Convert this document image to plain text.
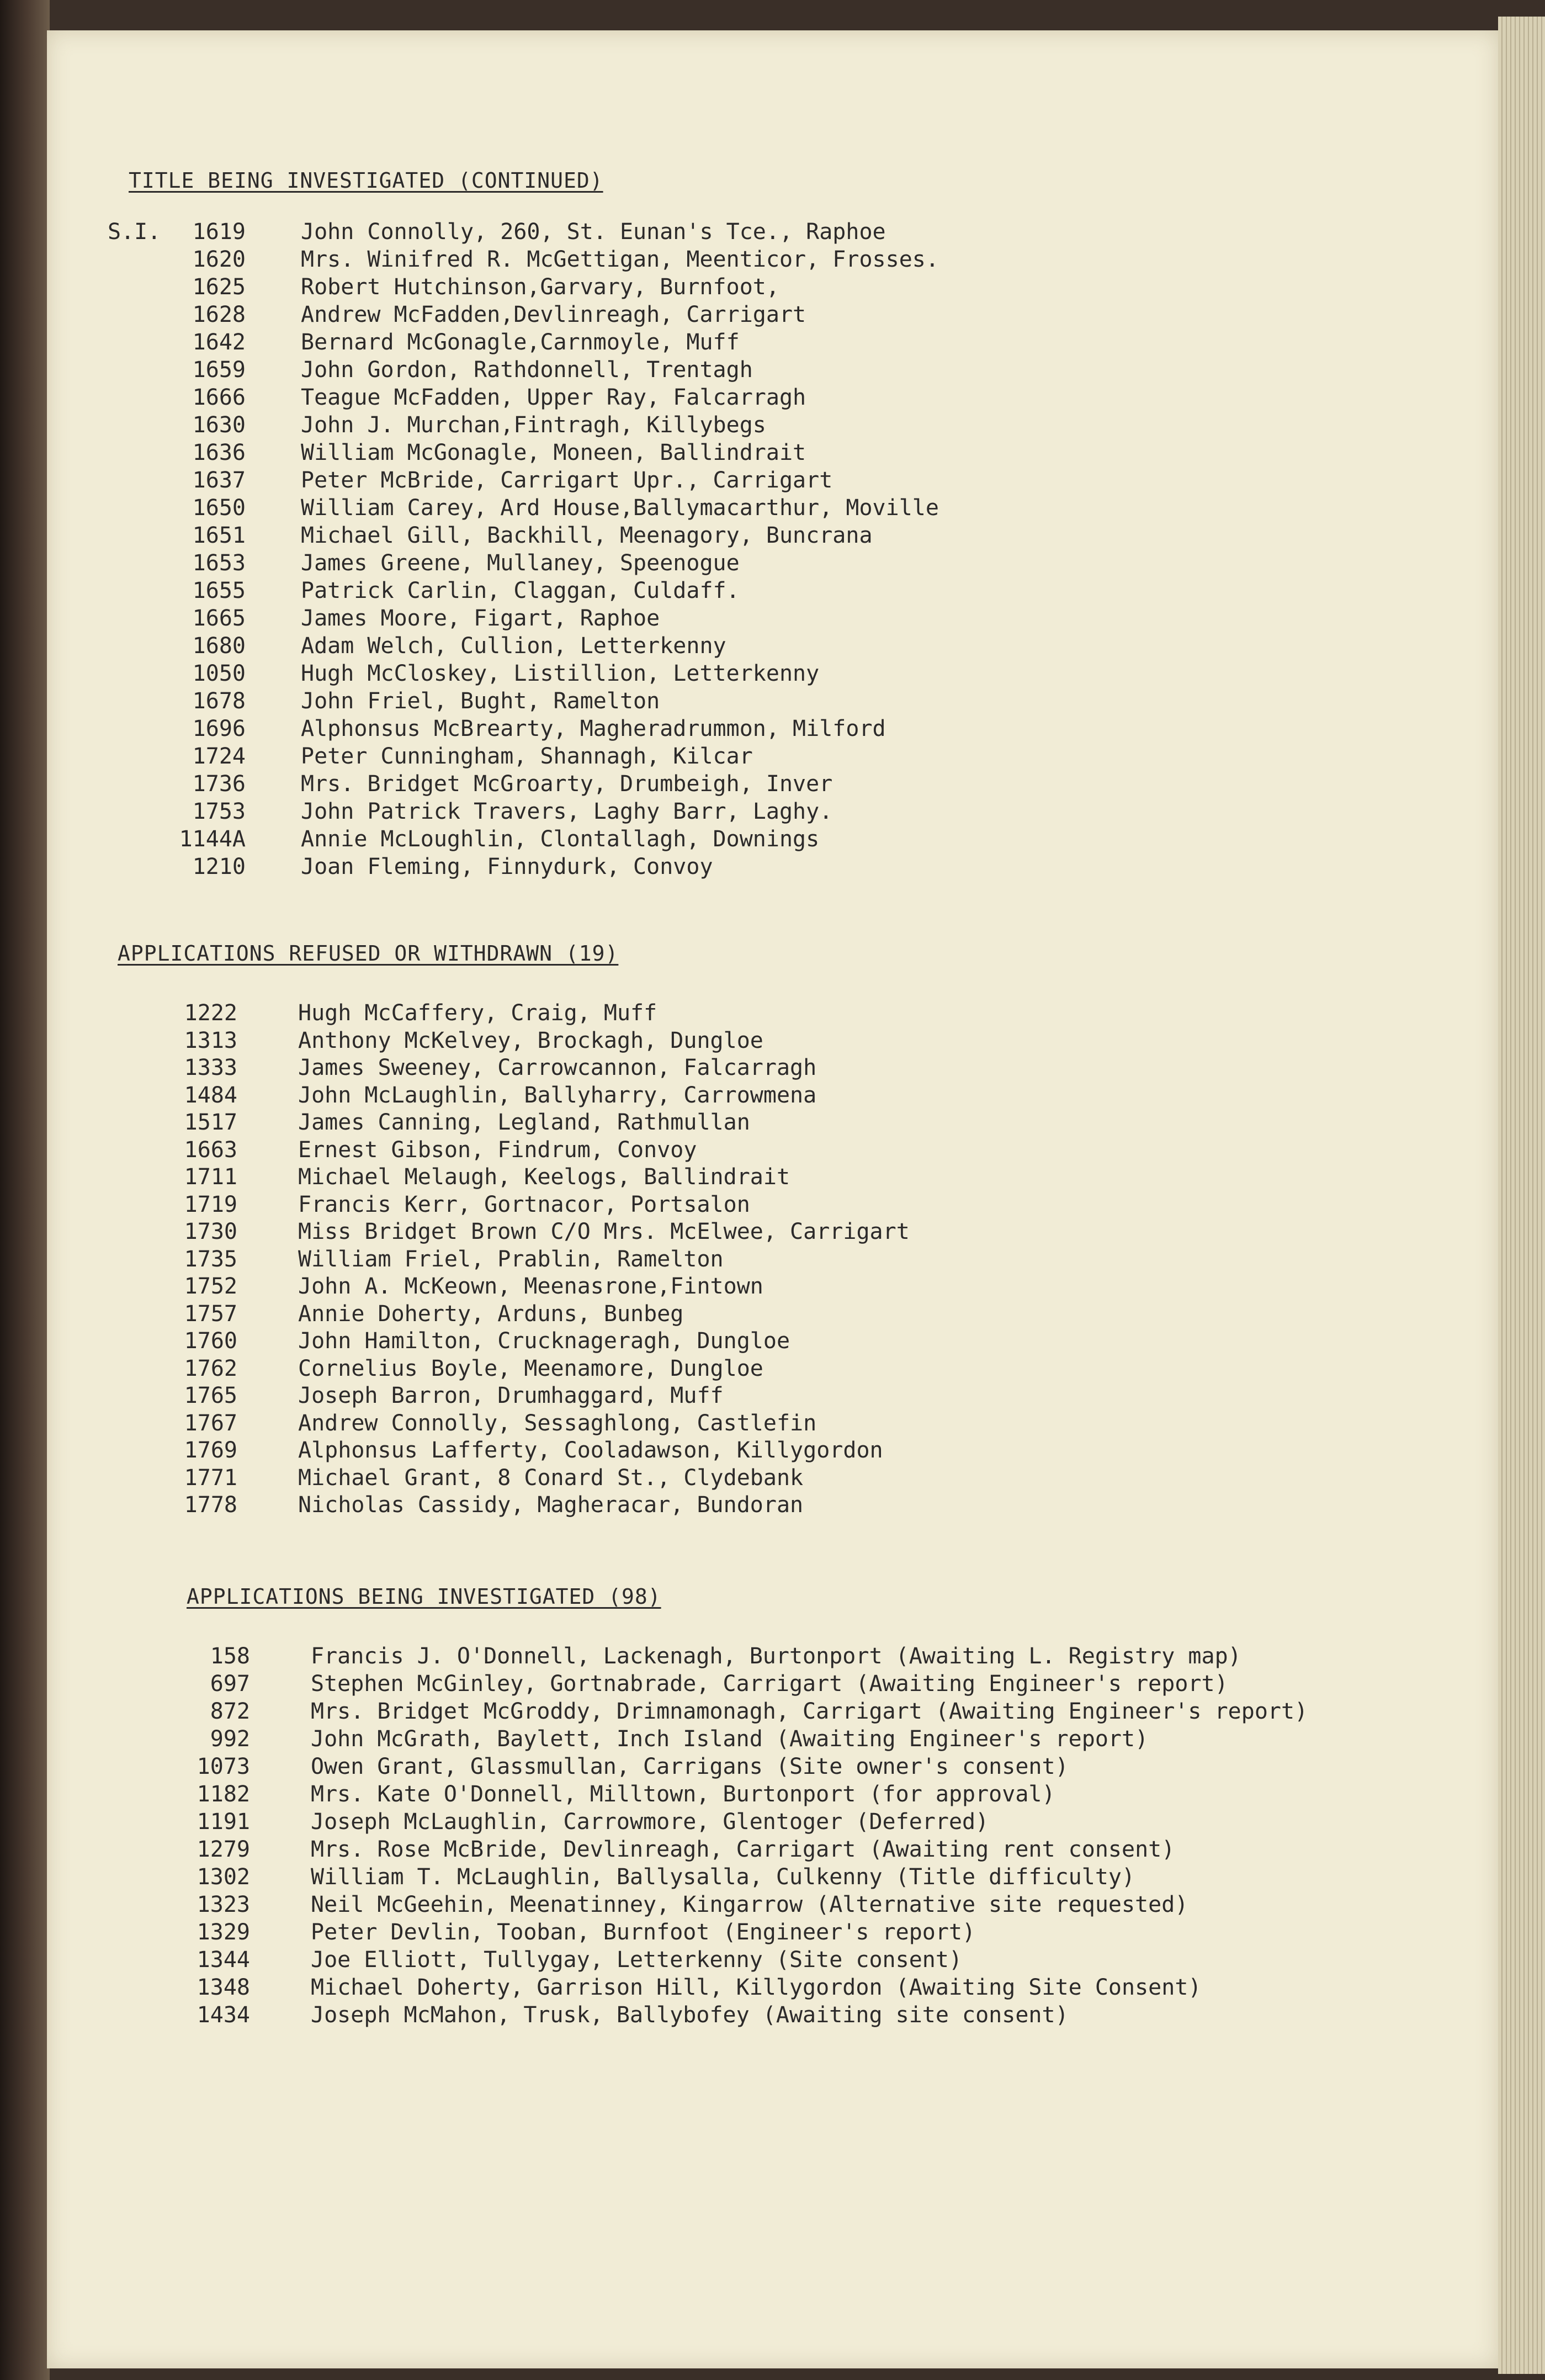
TITLE BEING INVESTIGATED (CONTINUED)
S.I.	1619	John Connolly, 260, St. Eunan's Tce., Raphoe
1620	Mrs. Winifred R. McGettigan, Meenticor, Frosses.
1625	Robert Hutchinson,Garvary, Burnfoot,
1628	Andrew McFadden,Devlinreagh, Carrigart
1642	Bernard McGonagle,Carnmoyle, Muff
1659	John Gordon, Rathdonnell, Trentagh
1666	Teague McFadden, Upper Ray, Falcarragh
1630	John J. Murchan,Fintragh, Killybegs
1636	William McGonagle, Moneen, Ballindrait
1637	Peter McBride, Carrigart Upr., Carrigart
1650	William Carey, Ard House,Ballymacarthur, Moville
1651	Michael Gill, Backhill, Meenagory, Buncrana
1653	James Greene, Mullaney, Speenogue
1655	Patrick Carlin, Claggan, Culdaff.
1665	James Moore, Figart, Raphoe
1680	Adam Welch, Cullion, Letterkenny
1050	Hugh McCloskey, Listillion, Letterkenny
1678	John Friel, Bught, Ramelton
1696	Alphonsus McBrearty, Magheradrummon, Milford
1724	Peter Cunningham, Shannagh, Kilcar
1736	Mrs. Bridget McGroarty, Drumbeigh, Inver
1753	John Patrick Travers, Laghy Barr, Laghy.
1144A	Annie McLoughlin, Clontallagh, Downings
1210	Joan Fleming, Finnydurk, Convoy
APPLICATIONS REFUSED OR WITHDRAWN (19)
1222	Hugh McCaffery, Craig, Muff
1313	Anthony McKelvey, Brockagh, Dungloe
1333	James Sweeney, Carrowcannon, Falcarragh
1484	John McLaughlin, Ballyharry, Carrowmena
1517	James Canning, Legland, Rathmullan
1663	Ernest Gibson, Findrum, Convoy
1711	Michael Melaugh, Keelogs, Ballindrait
1719	Francis Kerr, Gortnacor, Portsalon
1730	Miss Bridget Brown C/O Mrs. McElwee, Carrigart
1735	William Friel, Prablin, Ramelton
1752	John A. McKeown, Meenasrone,Fintown
1757	Annie Doherty, Arduns, Bunbeg
1760	John Hamilton, Crucknageragh, Dungloe
1762	Cornelius Boyle, Meenamore, Dungloe
1765	Joseph Barron, Drumhaggard, Muff
1767	Andrew Connolly, Sessaghlong, Castlefin
1769	Alphonsus Lafferty, Cooladawson, Killygordon
1771	Michael Grant, 8 Conard St., Clydebank
1778	Nicholas Cassidy, Magheracar, Bundoran
APPLICATIONS BEING INVESTIGATED (98)
158	Francis J. O'Donnell, Lackenagh, Burtonport (Awaiting L. Registry map)
697	Stephen McGinley, Gortnabrade, Carrigart (Awaiting Engineer's report)
872	Mrs. Bridget McGroddy, Drimnamonagh, Carrigart (Awaiting Engineer's report)
992	John McGrath, Baylett, Inch Island (Awaiting Engineer's report)
1073	Owen Grant, Glassmullan, Carrigans (Site owner's consent)
1182	Mrs. Kate O'Donnell, Milltown, Burtonport (for approval)
1191	Joseph McLaughlin, Carrowmore, Glentoger (Deferred)
1279	Mrs. Rose McBride, Devlinreagh, Carrigart (Awaiting rent consent)
1302	William T. McLaughlin, Ballysalla, Culkenny (Title difficulty)
1323	Neil McGeehin, Meenatinney, Kingarrow (Alternative site requested)
1329	Peter Devlin, Tooban, Burnfoot (Engineer's report)
1344	Joe Elliott, Tullygay, Letterkenny (Site consent)
1348	Michael Doherty, Garrison Hill, Killygordon (Awaiting Site Consent)
1434	Joseph McMahon, Trusk, Ballybofey (Awaiting site consent)
